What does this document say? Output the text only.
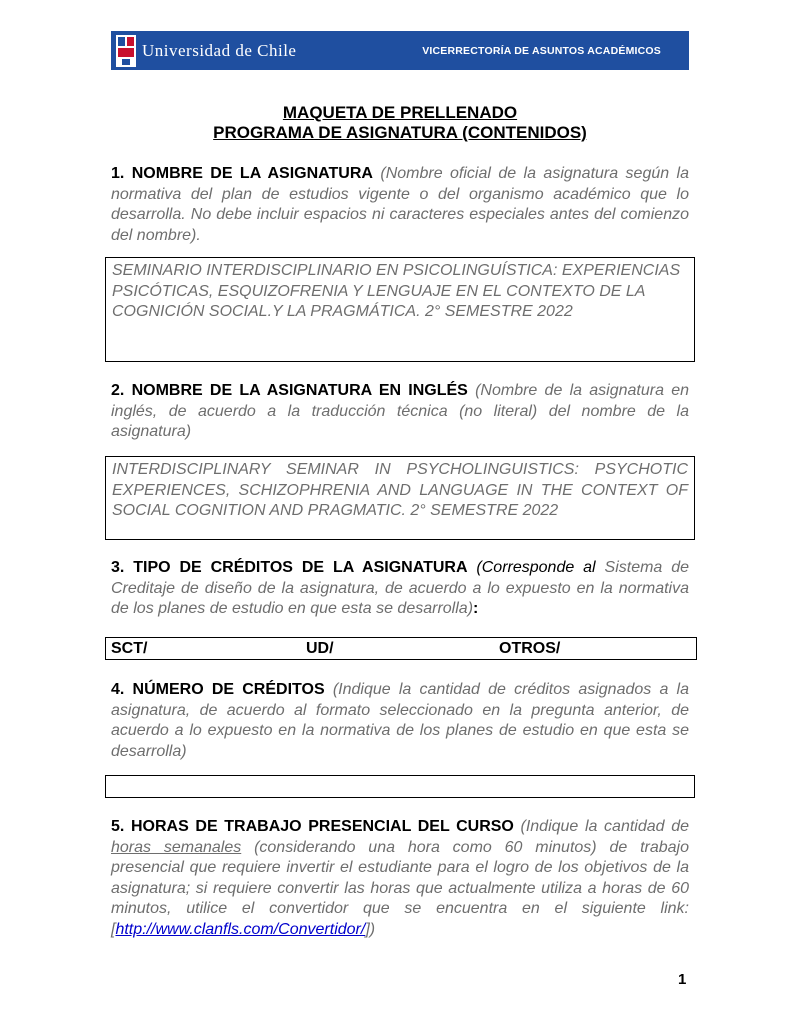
Universidad de Chile	VICERRECTORÍA DE ASUNTOS ACADÉMICOS
MAQUETA DE PRELLENADO
PROGRAMA DE ASIGNATURA (CONTENIDOS)
1. NOMBRE DE LA ASIGNATURA (Nombre oficial de la asignatura según la normativa del plan de estudios vigente o del organismo académico que lo desarrolla. No debe incluir espacios ni caracteres especiales antes del comienzo del nombre).
SEMINARIO INTERDISCIPLINARIO EN PSICOLINGUÍSTICA: EXPERIENCIAS PSICÓTICAS, ESQUIZOFRENIA Y LENGUAJE EN EL CONTEXTO DE LA COGNICIÓN SOCIAL.Y LA PRAGMÁTICA. 2° SEMESTRE 2022
2. NOMBRE DE LA ASIGNATURA EN INGLÉS (Nombre de la asignatura en inglés, de acuerdo a la traducción técnica (no literal) del nombre de la asignatura)
INTERDISCIPLINARY SEMINAR IN PSYCHOLINGUISTICS: PSYCHOTIC EXPERIENCES, SCHIZOPHRENIA AND LANGUAGE IN THE CONTEXT OF SOCIAL COGNITION AND PRAGMATIC. 2° SEMESTRE 2022
3. TIPO DE CRÉDITOS DE LA ASIGNATURA (Corresponde al Sistema de Creditaje de diseño de la asignatura, de acuerdo a lo expuesto en la normativa de los planes de estudio en que esta se desarrolla):
SCT/	UD/	OTROS/
4. NÚMERO DE CRÉDITOS (Indique la cantidad de créditos asignados a la asignatura, de acuerdo al formato seleccionado en la pregunta anterior, de acuerdo a lo expuesto en la normativa de los planes de estudio en que esta se desarrolla)
5. HORAS DE TRABAJO PRESENCIAL DEL CURSO (Indique la cantidad de horas semanales (considerando una hora como 60 minutos) de trabajo presencial que requiere invertir el estudiante para el logro de los objetivos de la asignatura; si requiere convertir las horas que actualmente utiliza a horas de 60 minutos, utilice el convertidor que se encuentra en el siguiente link: [http://www.clanfls.com/Convertidor/])
1
